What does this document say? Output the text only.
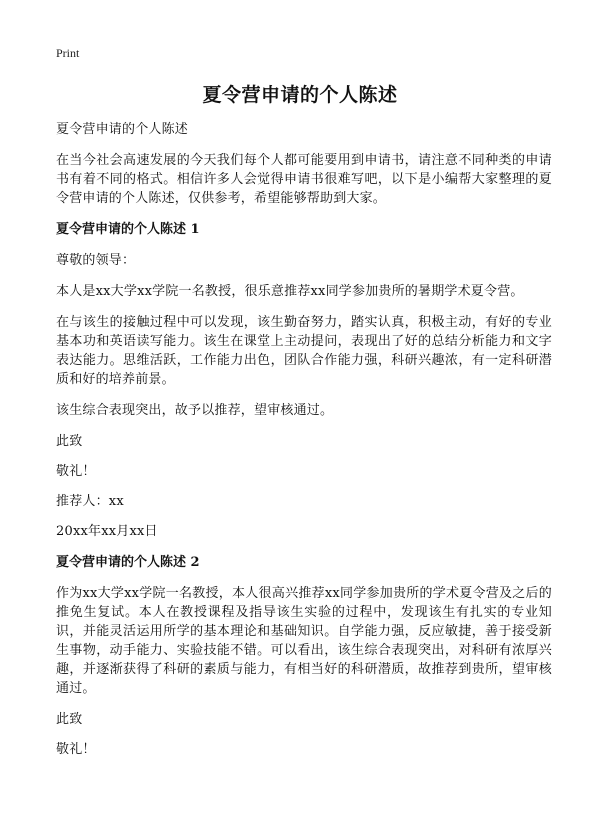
Print
夏令营申请的个人陈述

夏令营申请的个人陈述

在当今社会高速发展的今天我们每个人都可能要用到申请书，请注意不同种类的申请书有着不同的格式。相信许多人会觉得申请书很难写吧，以下是小编帮大家整理的夏令营申请的个人陈述，仅供参考，希望能够帮助到大家。

夏令营申请的个人陈述 1

尊敬的领导：

本人是xx大学xx学院一名教授，很乐意推荐xx同学参加贵所的暑期学术夏令营。

在与该生的接触过程中可以发现，该生勤奋努力，踏实认真，积极主动，有好的专业基本功和英语读写能力。该生在课堂上主动提问，表现出了好的总结分析能力和文字表达能力。思维活跃，工作能力出色，团队合作能力强，科研兴趣浓，有一定科研潜质和好的培养前景。

该生综合表现突出，故予以推荐，望审核通过。

此致

敬礼！

推荐人：xx

20xx年xx月xx日

夏令营申请的个人陈述 2

作为xx大学xx学院一名教授，本人很高兴推荐xx同学参加贵所的学术夏令营及之后的推免生复试。本人在教授课程及指导该生实验的过程中，发现该生有扎实的专业知识，并能灵活运用所学的基本理论和基础知识。自学能力强，反应敏捷，善于接受新生事物，动手能力、实验技能不错。可以看出，该生综合表现突出，对科研有浓厚兴趣，并逐渐获得了科研的素质与能力，有相当好的科研潜质，故推荐到贵所，望审核通过。

此致

敬礼！
